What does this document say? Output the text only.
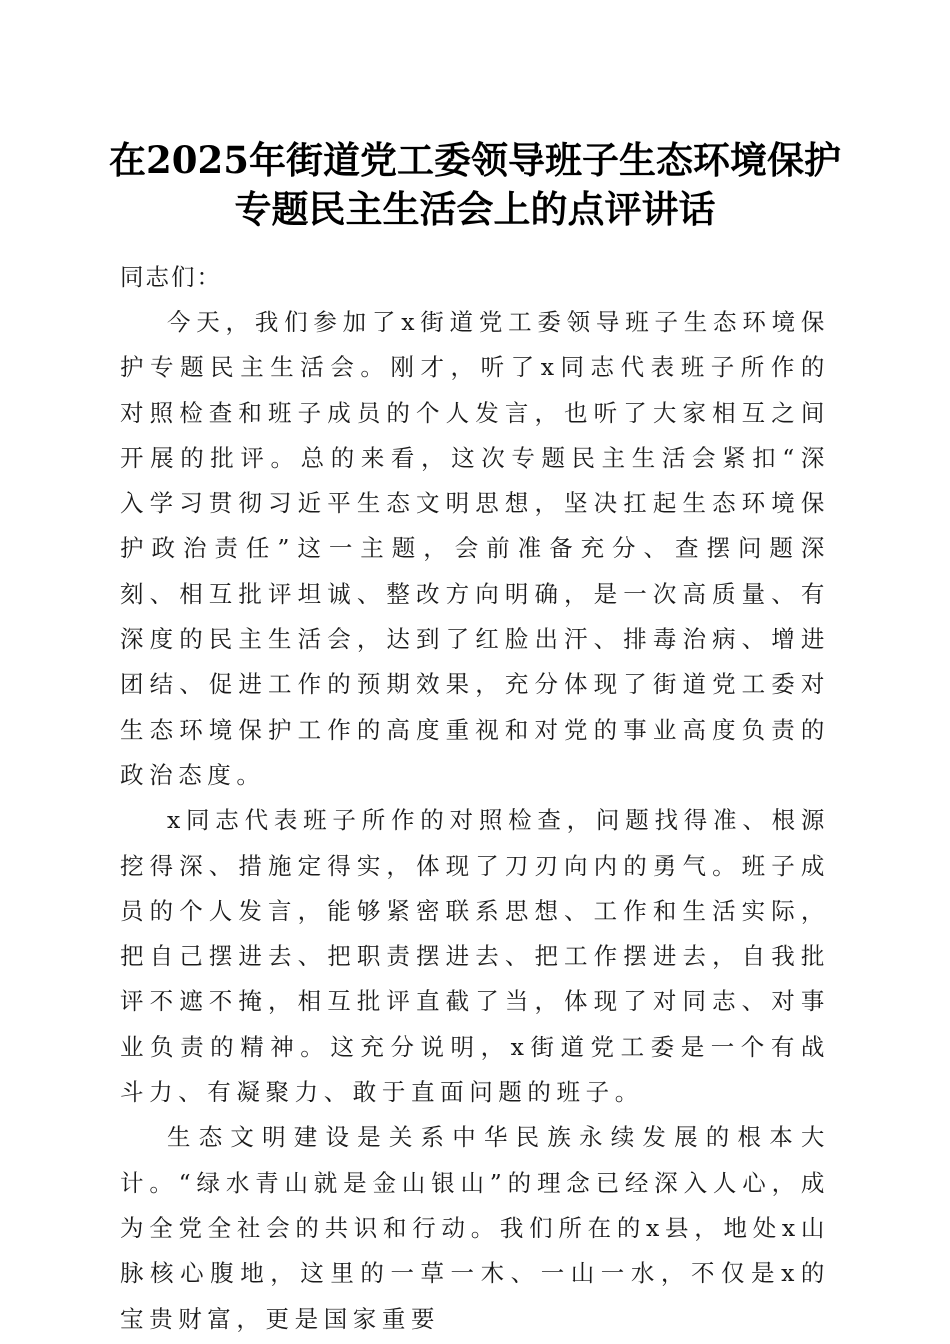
在2025年街道党工委领导班子生态环境保护
专题民主生活会上的点评讲话

同志们：

今天，我们参加了x街道党工委领导班子生态环境保护专题民主生活会。刚才，听了x同志代表班子所作的对照检查和班子成员的个人发言，也听了大家相互之间开展的批评。总的来看，这次专题民主生活会紧扣“深入学习贯彻习近平生态文明思想，坚决扛起生态环境保护政治责任”这一主题，会前准备充分、查摆问题深刻、相互批评坦诚、整改方向明确，是一次高质量、有深度的民主生活会，达到了红脸出汗、排毒治病、增进团结、促进工作的预期效果，充分体现了街道党工委对生态环境保护工作的高度重视和对党的事业高度负责的政治态度。

x同志代表班子所作的对照检查，问题找得准、根源挖得深、措施定得实，体现了刀刃向内的勇气。班子成员的个人发言，能够紧密联系思想、工作和生活实际，把自己摆进去、把职责摆进去、把工作摆进去，自我批评不遮不掩，相互批评直截了当，体现了对同志、对事业负责的精神。这充分说明，x街道党工委是一个有战斗力、有凝聚力、敢于直面问题的班子。

生态文明建设是关系中华民族永续发展的根本大计。“绿水青山就是金山银山”的理念已经深入人心，成为全党全社会的共识和行动。我们所在的x县，地处x山脉核心腹地，这里的一草一木、一山一水，不仅是x的宝贵财富，更是国家重要
